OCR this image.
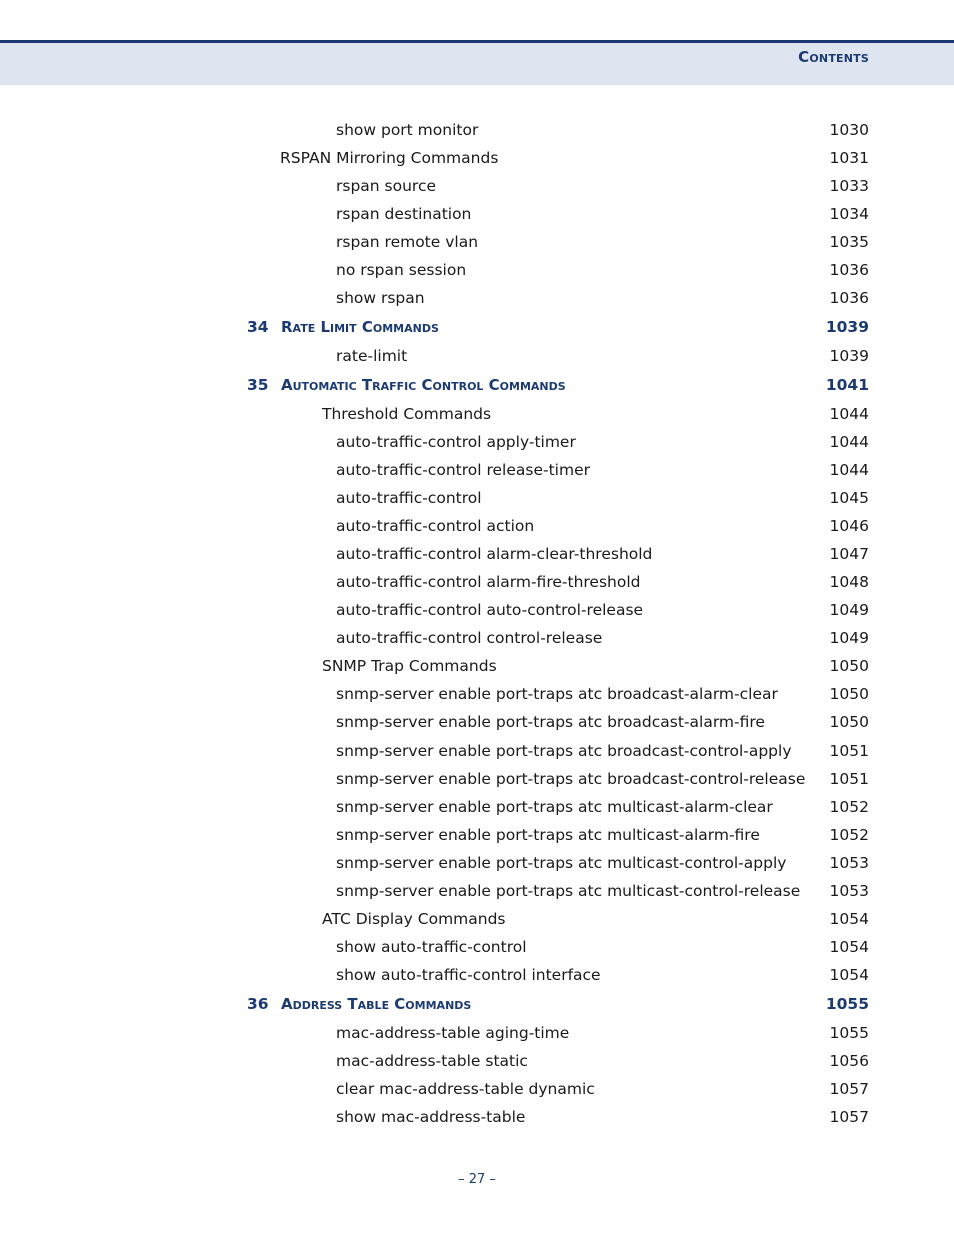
Contents
show port monitor	1030
RSPAN Mirroring Commands	1031
rspan source	1033
rspan destination	1034
rspan remote vlan	1035
no rspan session	1036
show rspan	1036
34 Rate Limit Commands	1039
rate-limit	1039
35 Automatic Traffic Control Commands	1041
Threshold Commands	1044
auto-traffic-control apply-timer	1044
auto-traffic-control release-timer	1044
auto-traffic-control	1045
auto-traffic-control action	1046
auto-traffic-control alarm-clear-threshold	1047
auto-traffic-control alarm-fire-threshold	1048
auto-traffic-control auto-control-release	1049
auto-traffic-control control-release	1049
SNMP Trap Commands	1050
snmp-server enable port-traps atc broadcast-alarm-clear	1050
snmp-server enable port-traps atc broadcast-alarm-fire	1050
snmp-server enable port-traps atc broadcast-control-apply 1051
snmp-server enable port-traps atc broadcast-control-release 1051
snmp-server enable port-traps atc multicast-alarm-clear	1052
snmp-server enable port-traps atc multicast-alarm-fire	1052
snmp-server enable port-traps atc multicast-control-apply	1053
snmp-server enable port-traps atc multicast-control-release 1053
ATC Display Commands	1054
show auto-traffic-control	1054
show auto-traffic-control interface	1054
36 Address Table Commands	1055
mac-address-table aging-time	1055
mac-address-table static	1056
clear mac-address-table dynamic	1057
show mac-address-table	1057
– 27 –
